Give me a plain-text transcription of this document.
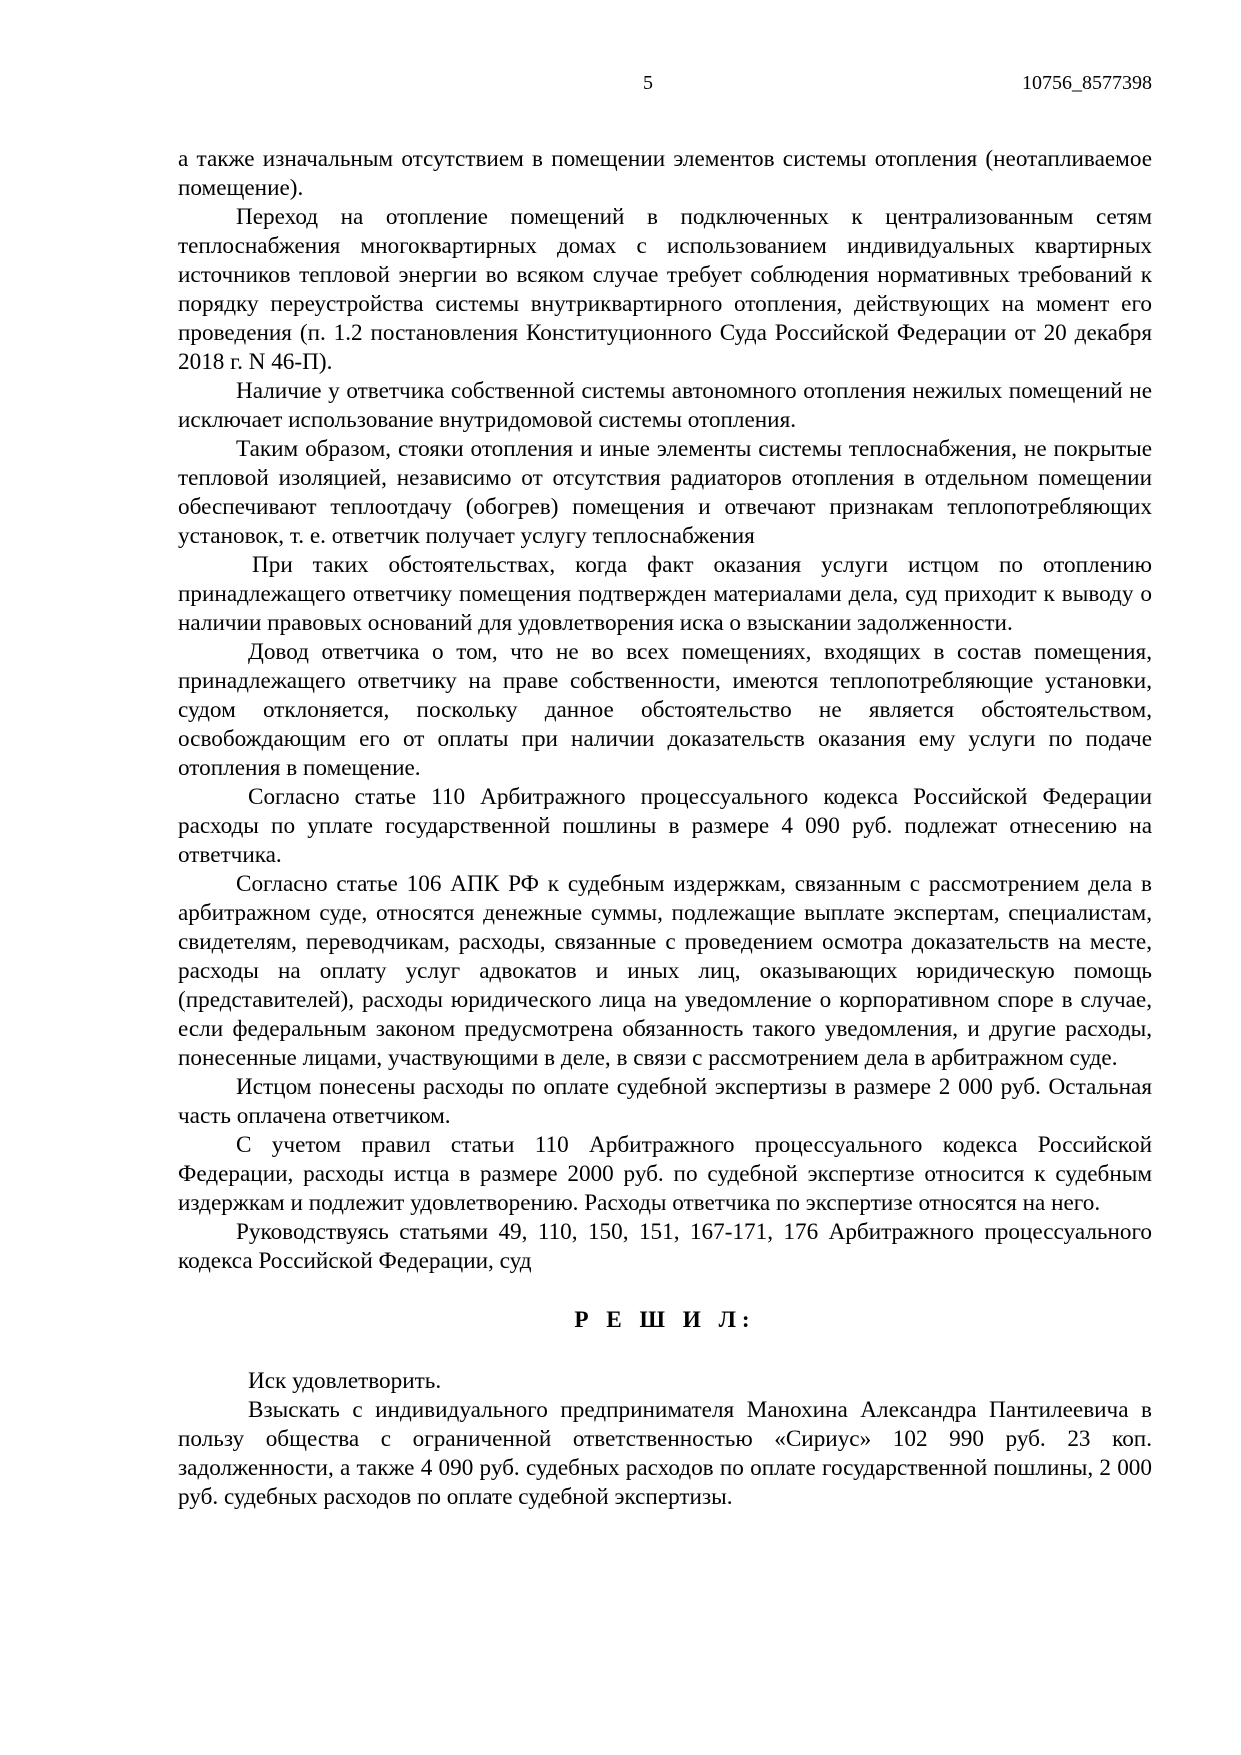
5	10756_8577398

а также изначальным отсутствием в помещении элементов системы отопления (неотапливаемое помещение).

Переход на отопление помещений в подключенных к централизованным сетям теплоснабжения многоквартирных домах с использованием индивидуальных квартирных источников тепловой энергии во всяком случае требует соблюдения нормативных требований к порядку переустройства системы внутриквартирного отопления, действующих на момент его проведения (п. 1.2 постановления Конституционного Суда Российской Федерации от 20 декабря 2018 г. N 46-П).

Наличие у ответчика собственной системы автономного отопления нежилых помещений не исключает использование внутридомовой системы отопления.

Таким образом, стояки отопления и иные элементы системы теплоснабжения, не покрытые тепловой изоляцией, независимо от отсутствия радиаторов отопления в отдельном помещении обеспечивают теплоотдачу (обогрев) помещения и отвечают признакам теплопотребляющих установок, т. е. ответчик получает услугу теплоснабжения

При таких обстоятельствах, когда факт оказания услуги истцом по отоплению принадлежащего ответчику помещения подтвержден материалами дела, суд приходит к выводу о наличии правовых оснований для удовлетворения иска о взыскании задолженности.

Довод ответчика о том, что не во всех помещениях, входящих в состав помещения, принадлежащего ответчику на праве собственности, имеются теплопотребляющие установки, судом отклоняется, поскольку данное обстоятельство не является обстоятельством, освобождающим его от оплаты при наличии доказательств оказания ему услуги по подаче отопления в помещение.

Согласно статье 110 Арбитражного процессуального кодекса Российской Федерации расходы по уплате государственной пошлины в размере 4 090 руб. подлежат отнесению на ответчика.

Согласно статье 106 АПК РФ к судебным издержкам, связанным с рассмотрением дела в арбитражном суде, относятся денежные суммы, подлежащие выплате экспертам, специалистам, свидетелям, переводчикам, расходы, связанные с проведением осмотра доказательств на месте, расходы на оплату услуг адвокатов и иных лиц, оказывающих юридическую помощь (представителей), расходы юридического лица на уведомление о корпоративном споре в случае, если федеральным законом предусмотрена обязанность такого уведомления, и другие расходы, понесенные лицами, участвующими в деле, в связи с рассмотрением дела в арбитражном суде.

Истцом понесены расходы по оплате судебной экспертизы в размере 2 000 руб. Остальная часть оплачена ответчиком.

С учетом правил статьи 110 Арбитражного процессуального кодекса Российской Федерации, расходы истца в размере 2000 руб. по судебной экспертизе относится к судебным издержкам и подлежит удовлетворению. Расходы ответчика по экспертизе относятся на него.

Руководствуясь статьями 49, 110, 150, 151, 167-171, 176 Арбитражного процессуального кодекса Российской Федерации, суд

Р Е Ш И Л:

Иск удовлетворить.

Взыскать с индивидуального предпринимателя Манохина Александра Пантилеевича в пользу общества с ограниченной ответственностью «Сириус» 102 990 руб. 23 коп. задолженности, а также 4 090 руб. судебных расходов по оплате государственной пошлины, 2 000 руб. судебных расходов по оплате судебной экспертизы.
